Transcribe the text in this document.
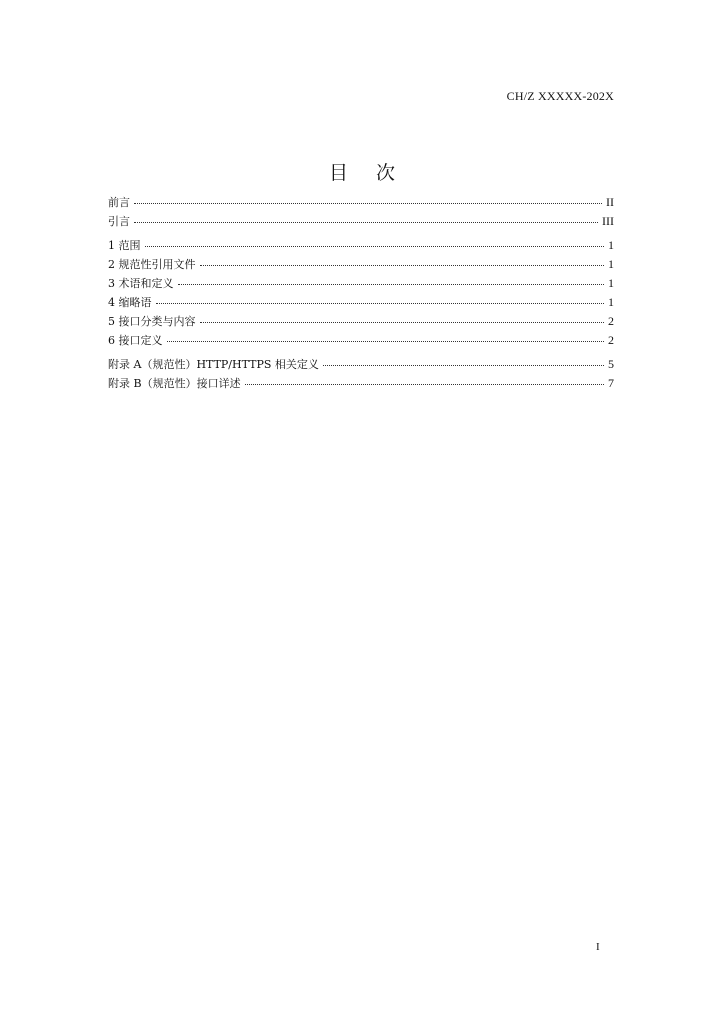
CH/Z XXXXX-202X
目次
前言	II
引言	III
1 范围	1
2 规范性引用文件	1
3 术语和定义	1
4 缩略语	1
5 接口分类与内容	2
6 接口定义	2
附录 A（规范性）HTTP/HTTPS 相关定义	5
附录 B（规范性）接口详述	7
I
